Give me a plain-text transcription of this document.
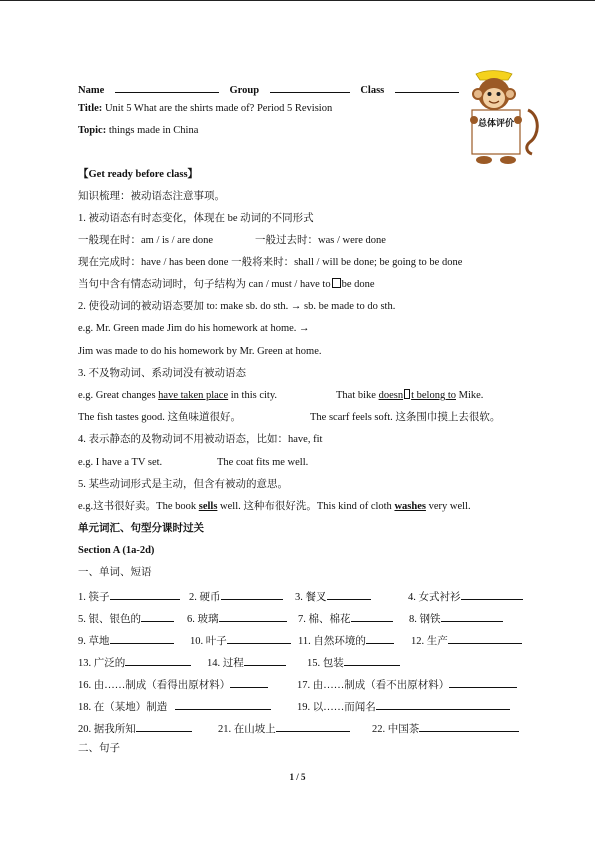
Name	Group	Class
Title: Unit 5 What are the shirts made of? Period 5 Revision
Topic: things made in China
总体评价
【Get ready before class】
知识梳理：被动语态注意事项。
1. 被动语态有时态变化，体现在 be 动词的不同形式
一般现在时：am / is / are done	一般过去时：was / were done
现在完成时：have / has been done 一般将来时：shall / will be done; be going to be done
当句中含有情态动词时，句子结构为 can / must / have to be done
2. 使役动词的被动语态要加 to: make sb. do sth. → sb. be made to do sth.
e.g. Mr. Green made Jim do his homework at home. →
Jim was made to do his homework by Mr. Green at home.
3. 不及物动词、系动词没有被动语态
e.g. Great changes have taken place in this city.	That bike doesn t belong to Mike.
The fish tastes good. 这鱼味道很好。	The scarf feels soft. 这条围巾摸上去很软。
4. 表示静态的及物动词不用被动语态，比如：have, fit
e.g. I have a TV set.	The coat fits me well.
5. 某些动词形式是主动，但含有被动的意思。
e.g.这书很好卖。The book sells well. 这种布很好洗。This kind of cloth washes very well.
单元词汇、句型分课时过关
Section A (1a-2d)
一、单词、短语
1. 筷子	2. 硬币	3. 餐叉	4. 女式衬衫
5. 银、银色的	6. 玻璃	7. 棉、棉花	8. 钢铁
9. 草地	10. 叶子	11. 自然环境的	12. 生产
13. 广泛的	14. 过程	15. 包装
16. 由……制成（看得出原材料）	17. 由……制成（看不出原材料）
18. 在（某地）制造	19. 以……而闻名
20. 据我所知	21. 在山坡上	22. 中国茶
二、句子
1 / 5
